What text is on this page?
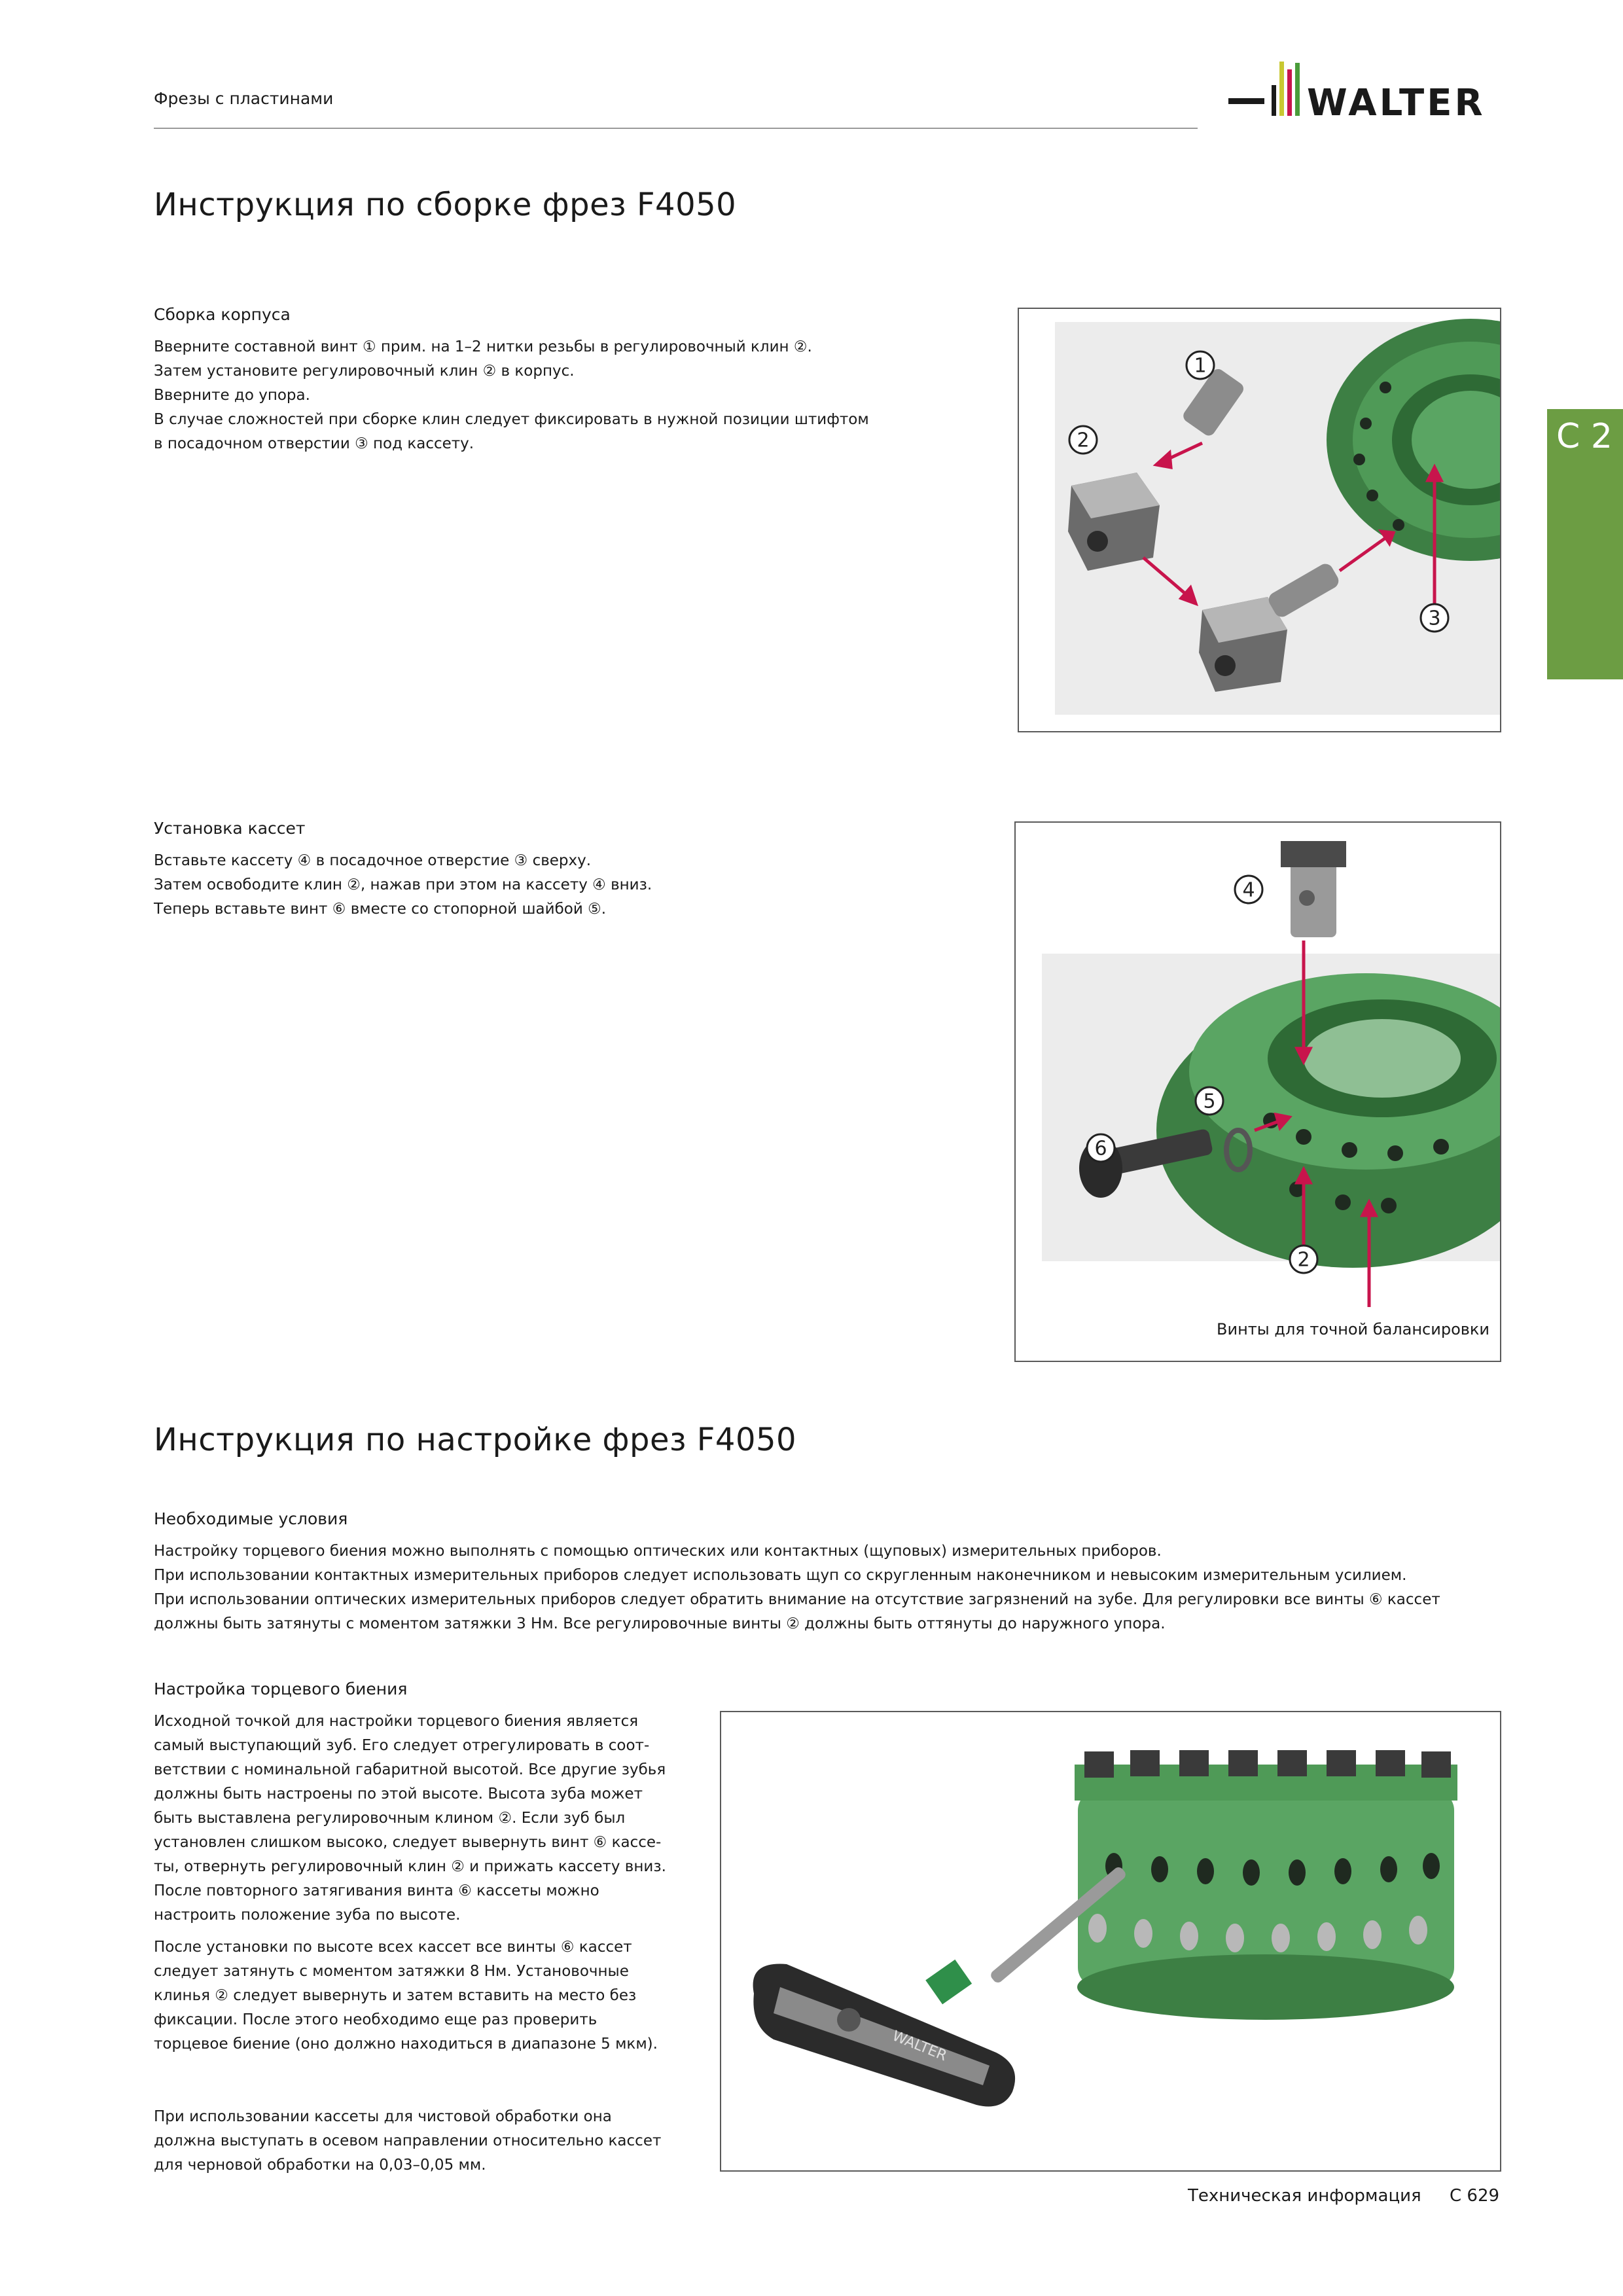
Фрезы с пластинами	WALTER
C 2
Инструкция по сборке фрез F4050
Сборка корпуса

Вверните составной винт ① прим. на 1–2 нитки резьбы в регулировочный клин ②.

Затем установите регулировочный клин ② в корпус.

Вверните до упора.

В случае сложностей при сборке клин следует фиксировать в нужной позиции штифтом

в посадочном отверстии ③ под кассету.

1
2
3
Установка кассет

Вставьте кассету ④ в посадочное отверстие ③ сверху.

Затем освободите клин ②, нажав при этом на кассету ④ вниз.

Теперь вставьте винт ⑥ вместе со стопорной шайбой ⑤.

4
5
6
2
Винты для точной балансировки
Инструкция по настройке фрез F4050
Необходимые условия

Настройку торцевого биения можно выполнять с помощью оптических или контактных (щуповых) измерительных приборов.

При использовании контактных измерительных приборов следует использовать щуп со скругленным наконечником и невысоким измерительным усилием.

При использовании оптических измерительных приборов следует обратить внимание на отсутствие загрязнений на зубе. Для регулировки все винты ⑥ кассет

должны быть затянуты с моментом затяжки 3 Нм. Все регулировочные винты ② должны быть оттянуты до наружного упора.

Настройка торцевого биения

Исходной точкой для настройки торцевого биения является

самый выступающий зуб. Его следует отрегулировать в соот-

ветствии с номинальной габаритной высотой. Все другие зубья

должны быть настроены по этой высоте. Высота зуба может

быть выставлена регулировочным клином ②. Если зуб был

установлен слишком высоко, следует вывернуть винт ⑥ кассе-

ты, отвернуть регулировочный клин ② и прижать кассету вниз.

После повторного затягивания винта ⑥ кассеты можно

настроить положение зуба по высоте.

После установки по высоте всех кассет все винты ⑥ кассет

следует затянуть с моментом затяжки 8 Нм. Установочные

клинья ② следует вывернуть и затем вставить на место без

фиксации. После этого необходимо еще раз проверить

торцевое биение (оно должно находиться в диапазоне 5 мкм).

При использовании кассеты для чистовой обработки она

должна выступать в осевом направлении относительно кассет

для черновой обработки на 0,03–0,05 мм.

WALTER
Техническая информация C 629
